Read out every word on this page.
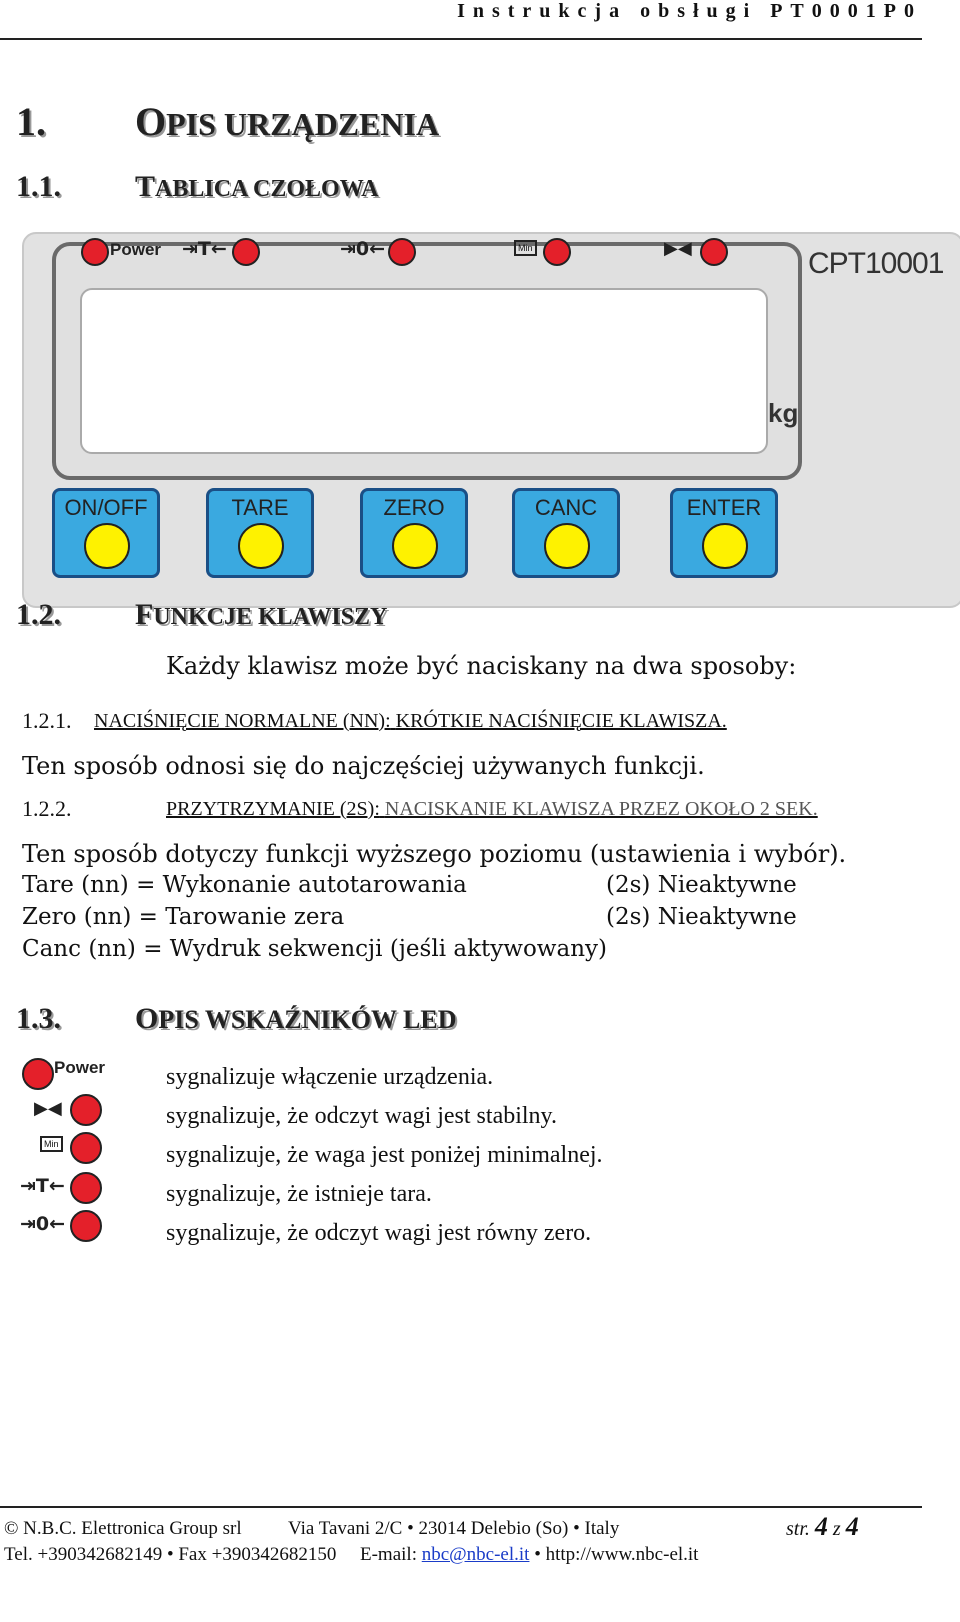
Instrukcja obsługi PT0001P0
1. OPIS URZĄDZENIA
1.1. TABLICA CZOŁOWA
Power ⇥T←	⇥0←	Min	▶◀	CPT10001
kg
ON/OFF	TARE	ZERO	CANC	ENTER
1.2. FUNKCJE KLAWISZY
Każdy klawisz może być naciskany na dwa sposoby:
1.2.1. NACIŚNIĘCIE NORMALNE (NN): KRÓTKIE NACIŚNIĘCIE KLAWISZA.
Ten sposób odnosi się do najczęściej używanych funkcji.
1.2.2.	PRZYTRZYMANIE (2S): NACISKANIE KLAWISZA PRZEZ OKOŁO 2 SEK.
Ten sposób dotyczy funkcji wyższego poziomu (ustawienia i wybór).
Tare (nn) = Wykonanie autotarowania	(2s) Nieaktywne
Zero (nn) = Tarowanie zera	(2s) Nieaktywne
Canc (nn) = Wydruk sekwencji (jeśli aktywowany)
1.3. OPIS WSKAŹNIKÓW LED
Power	sygnalizuje włączenie urządzenia.
▶◀	sygnalizuje, że odczyt wagi jest stabilny.
Min	sygnalizuje, że waga jest poniżej minimalnej.
⇥T←	sygnalizuje, że istnieje tara.
⇥0←	sygnalizuje, że odczyt wagi jest równy zero.
© N.B.C. Elettronica Group srl Via Tavani 2/C • 23014 Delebio (So) • Italy	str. 4 z 4
Tel. +390342682149 • Fax +390342682150 E-mail: nbc@nbc-el.it • http://www.nbc-el.it
